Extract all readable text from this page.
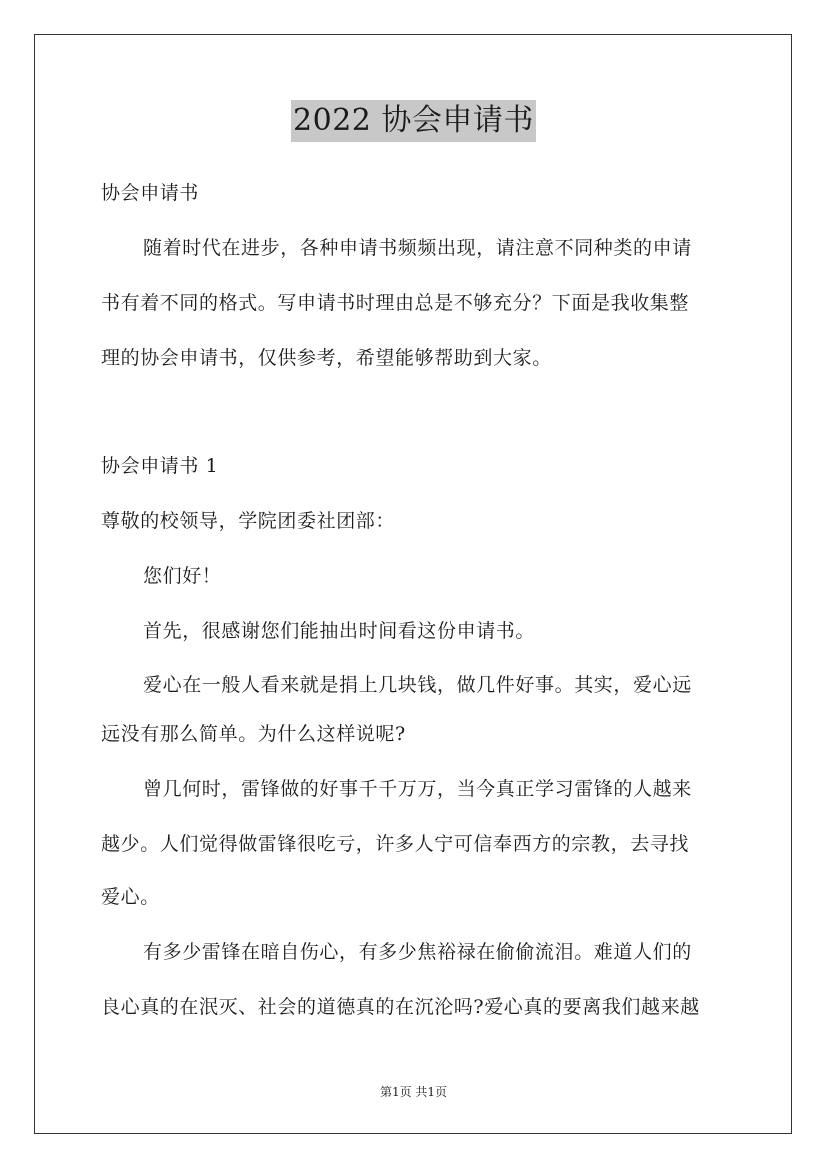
2022 协会申请书
协会申请书
随着时代在进步，各种申请书频频出现，请注意不同种类的申请
书有着不同的格式。写申请书时理由总是不够充分？下面是我收集整
理的协会申请书，仅供参考，希望能够帮助到大家。
协会申请书 1
尊敬的校领导，学院团委社团部：
您们好！
首先，很感谢您们能抽出时间看这份申请书。
爱心在一般人看来就是捐上几块钱，做几件好事。其实，爱心远
远没有那么简单。为什么这样说呢?
曾几何时，雷锋做的好事千千万万，当今真正学习雷锋的人越来
越少。人们觉得做雷锋很吃亏，许多人宁可信奉西方的宗教，去寻找
爱心。
有多少雷锋在暗自伤心，有多少焦裕禄在偷偷流泪。难道人们的
良心真的在泯灭、社会的道德真的在沉沦吗?爱心真的要离我们越来越
第1页 共1页
